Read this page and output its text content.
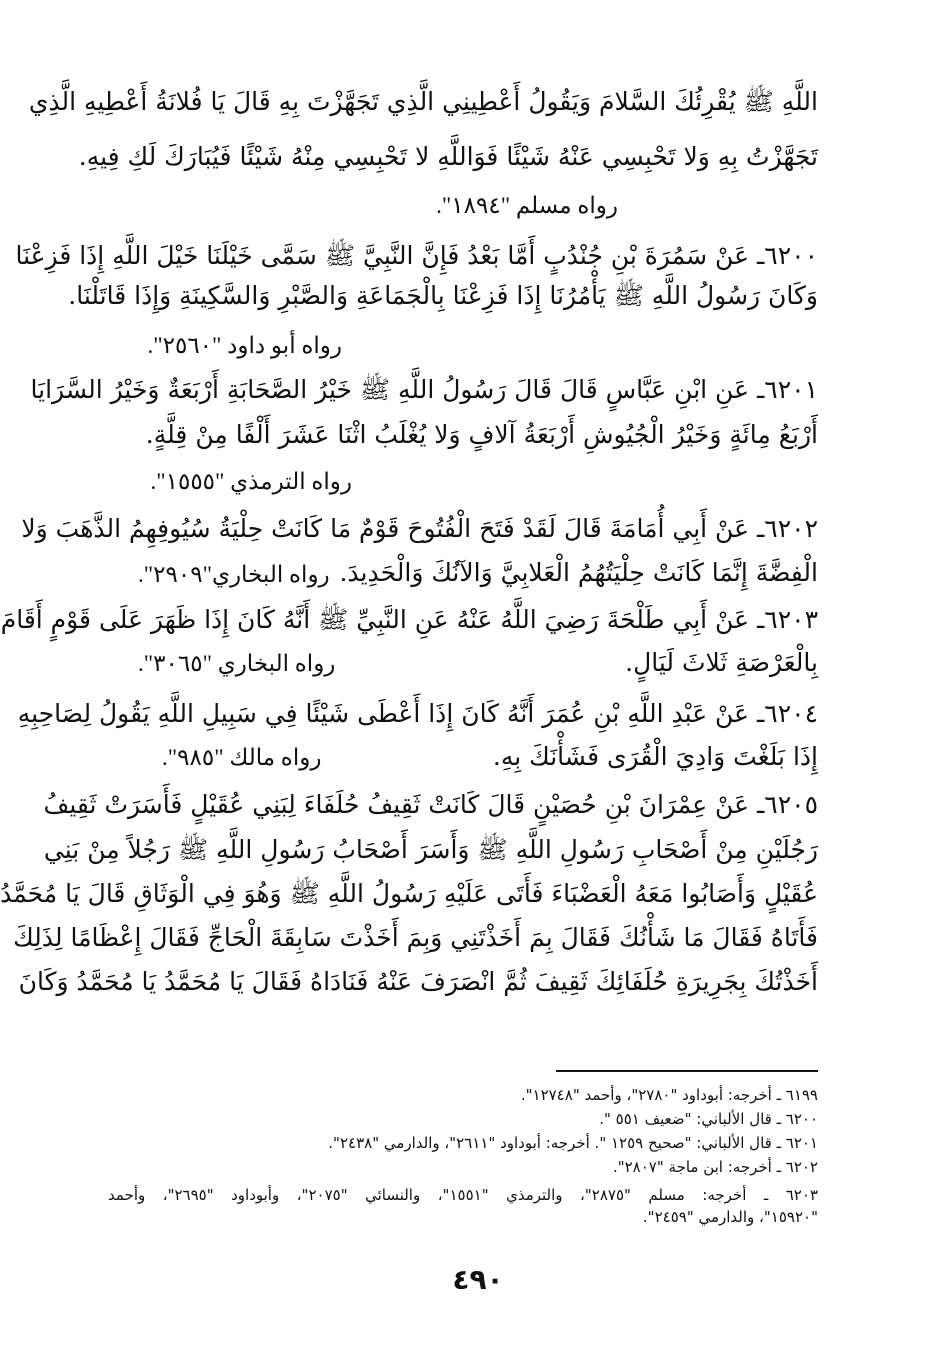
اللَّهِ ﷺ يُقْرِئُكَ السَّلامَ وَيَقُولُ أَعْطِينِي الَّذِي تَجَهَّزْتَ بِهِ قَالَ يَا فُلانَةُ أَعْطِيهِ الَّذِي
تَجَهَّزْتُ بِهِ وَلا تَحْبِسِي عَنْهُ شَيْئًا فَوَاللَّهِ لا تَحْبِسِي مِنْهُ شَيْئًا فَيُبَارَكَ لَكِ فِيهِ.
رواه مسلم "١٨٩٤".
٦٢٠٠ـ عَنْ سَمُرَةَ بْنِ جُنْدُبٍ أَمَّا بَعْدُ فَإِنَّ النَّبِيَّ ﷺ سَمَّى خَيْلَنَا خَيْلَ اللَّهِ إِذَا فَزِعْنَا
وَكَانَ رَسُولُ اللَّهِ ﷺ يَأْمُرُنَا إِذَا فَزِعْنَا بِالْجَمَاعَةِ وَالصَّبْرِ وَالسَّكِينَةِ وَإِذَا قَاتَلْنَا.
رواه أبو داود "٢٥٦٠".
٦٢٠١ـ عَنِ ابْنِ عَبَّاسٍ قَالَ قَالَ رَسُولُ اللَّهِ ﷺ خَيْرُ الصَّحَابَةِ أَرْبَعَةٌ وَخَيْرُ السَّرَايَا
أَرْبَعُ مِائَةٍ وَخَيْرُ الْجُيُوشِ أَرْبَعَةُ آلافٍ وَلا يُغْلَبُ اثْنَا عَشَرَ أَلْفًا مِنْ قِلَّةٍ.
رواه الترمذي "١٥٥٥".
٦٢٠٢ـ عَنْ أَبِي أُمَامَةَ قَالَ لَقَدْ فَتَحَ الْفُتُوحَ قَوْمٌ مَا كَانَتْ حِلْيَةُ سُيُوفِهِمُ الذَّهَبَ وَلا
الْفِضَّةَ إِنَّمَا كَانَتْ حِلْيَتُهُمُ الْعَلابِيَّ وَالآنُكَ وَالْحَدِيدَ.
رواه البخاري"٢٩٠٩".
٦٢٠٣ـ عَنْ أَبِي طَلْحَةَ رَضِيَ اللَّهُ عَنْهُ عَنِ النَّبِيِّ ﷺ أَنَّهُ كَانَ إِذَا ظَهَرَ عَلَى قَوْمٍ أَقَامَ
بِالْعَرْصَةِ ثَلاثَ لَيَالٍ.
رواه البخاري "٣٠٦٥".
٦٢٠٤ـ عَنْ عَبْدِ اللَّهِ بْنِ عُمَرَ أَنَّهُ كَانَ إِذَا أَعْطَى شَيْئًا فِي سَبِيلِ اللَّهِ يَقُولُ لِصَاحِبِهِ
إِذَا بَلَغْتَ وَادِيَ الْقُرَى فَشَأْنَكَ بِهِ.
رواه مالك "٩٨٥".
٦٢٠٥ـ عَنْ عِمْرَانَ بْنِ حُصَيْنٍ قَالَ كَانَتْ ثَقِيفُ حُلَفَاءَ لِبَنِي عُقَيْلٍ فَأَسَرَتْ ثَقِيفُ
رَجُلَيْنِ مِنْ أَصْحَابِ رَسُولِ اللَّهِ ﷺ وَأَسَرَ أَصْحَابُ رَسُولِ اللَّهِ ﷺ رَجُلاً مِنْ بَنِي
عُقَيْلٍ وَأَصَابُوا مَعَهُ الْعَضْبَاءَ فَأَتَى عَلَيْهِ رَسُولُ اللَّهِ ﷺ وَهُوَ فِي الْوَثَاقِ قَالَ يَا مُحَمَّدُ
فَأَتَاهُ فَقَالَ مَا شَأْنُكَ فَقَالَ بِمَ أَخَذْتَنِي وَبِمَ أَخَذْتَ سَابِقَةَ الْحَاجِّ فَقَالَ إِعْظَامًا لِذَلِكَ
أَخَذْتُكَ بِجَرِيرَةِ حُلَفَائِكَ ثَقِيفَ ثُمَّ انْصَرَفَ عَنْهُ فَنَادَاهُ فَقَالَ يَا مُحَمَّدُ يَا مُحَمَّدُ وَكَانَ
٦١٩٩ ـ أخرجه: أبوداود "٢٧٨٠"، وأحمد "١٢٧٤٨".
٦٢٠٠ ـ قال الألباني: "ضعيف ٥٥١ ".
٦٢٠١ ـ قال الألباني: "صحيح ١٢٥٩ ". أخرجه: أبوداود "٢٦١١"، والدارمي "٢٤٣٨".
٦٢٠٢ ـ أخرجه: ابن ماجة "٢٨٠٧".
٦٢٠٣ ـ أخرجه: مسلم "٢٨٧٥"، والترمذي "١٥٥١"، والنسائي "٢٠٧٥"، وأبوداود "٢٦٩٥"، وأحمد
"١٥٩٢٠"، والدارمي "٢٤٥٩".
٤٩٠
